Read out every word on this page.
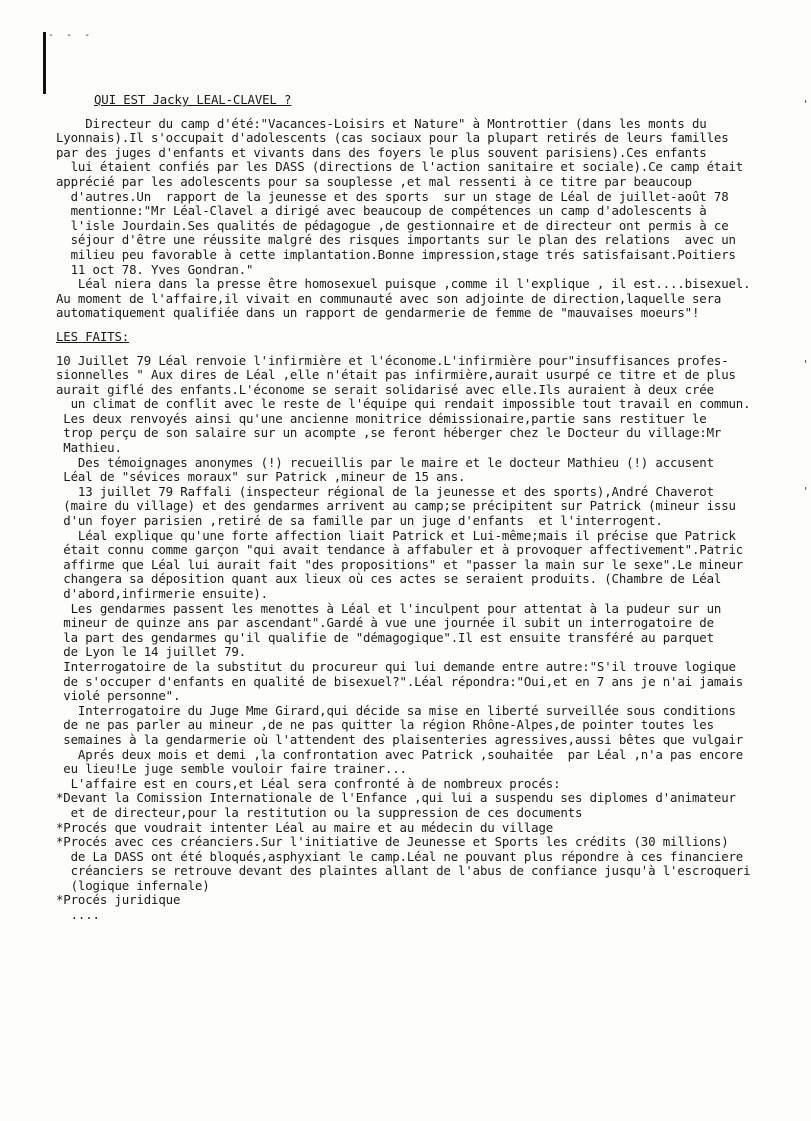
- - -
'
'
'
QUI EST Jacky LEAL-CLAVEL ?
Directeur du camp d'été:"Vacances-Loisirs et Nature" à Montrottier (dans les monts du
Lyonnais).Il s'occupait d'adolescents (cas sociaux pour la plupart retirés de leurs familles
par des juges d'enfants et vivants dans des foyers le plus souvent parisiens).Ces enfants
lui étaient confiés par les DASS (directions de l'action sanitaire et sociale).Ce camp était
apprécié par les adolescents pour sa souplesse ,et mal ressenti à ce titre par beaucoup
d'autres.Un  rapport de la jeunesse et des sports  sur un stage de Léal de juillet-août 78
mentionne:"Mr Léal-Clavel a dirigé avec beaucoup de compétences un camp d'adolescents à
l'isle Jourdain.Ses qualités de pédagogue ,de gestionnaire et de directeur ont permis à ce
séjour d'être une réussite malgré des risques importants sur le plan des relations  avec un
milieu peu favorable à cette implantation.Bonne impression,stage trés satisfaisant.Poitiers
11 oct 78. Yves Gondran."
Léal niera dans la presse être homosexuel puisque ,comme il l'explique , il est....bisexuel.
Au moment de l'affaire,il vivait en communauté avec son adjointe de direction,laquelle sera
automatiquement qualifiée dans un rapport de gendarmerie de femme de "mauvaises moeurs"!
LES FAITS:
10 Juillet 79 Léal renvoie l'infirmière et l'économe.L'infirmière pour"insuffisances profes-
sionnelles " Aux dires de Léal ,elle n'était pas infirmière,aurait usurpé ce titre et de plus
aurait giflé des enfants.L'économe se serait solidarisé avec elle.Ils auraient à deux crée
un climat de conflit avec le reste de l'équipe qui rendait impossible tout travail en commun.
Les deux renvoyés ainsi qu'une ancienne monitrice démissionaire,partie sans restituer le
trop perçu de son salaire sur un acompte ,se feront héberger chez le Docteur du village:Mr
Mathieu.
Des témoignages anonymes (!) recueillis par le maire et le docteur Mathieu (!) accusent
Léal de "sévices moraux" sur Patrick ,mineur de 15 ans.
13 juillet 79 Raffali (inspecteur régional de la jeunesse et des sports),André Chaverot
(maire du village) et des gendarmes arrivent au camp;se précipitent sur Patrick (mineur issu
d'un foyer parisien ,retiré de sa famille par un juge d'enfants  et l'interrogent.
Léal explique qu'une forte affection liait Patrick et Lui-même;mais il précise que Patrick
était connu comme garçon "qui avait tendance à affabuler et à provoquer affectivement".Patric
affirme que Léal lui aurait fait "des propositions" et "passer la main sur le sexe".Le mineur
changera sa déposition quant aux lieux où ces actes se seraient produits. (Chambre de Léal
d'abord,infirmerie ensuite).
Les gendarmes passent les menottes à Léal et l'inculpent pour attentat à la pudeur sur un
mineur de quinze ans par ascendant".Gardé à vue une journée il subit un interrogatoire de
la part des gendarmes qu'il qualifie de "démagogique".Il est ensuite transféré au parquet
de Lyon le 14 juillet 79.
Interrogatoire de la substitut du procureur qui lui demande entre autre:"S'il trouve logique
de s'occuper d'enfants en qualité de bisexuel?".Léal répondra:"Oui,et en 7 ans je n'ai jamais
violé personne".
Interrogatoire du Juge Mme Girard,qui décide sa mise en liberté surveillée sous conditions
de ne pas parler au mineur ,de ne pas quitter la région Rhône-Alpes,de pointer toutes les
semaines à la gendarmerie où l'attendent des plaisenteries agressives,aussi bêtes que vulgair
Aprés deux mois et demi ,la confrontation avec Patrick ,souhaitée  par Léal ,n'a pas encore
eu lieu!Le juge semble vouloir faire trainer...
L'affaire est en cours,et Léal sera confronté à de nombreux procés:
*Devant la Comission Internationale de l'Enfance ,qui lui a suspendu ses diplomes d'animateur
et de directeur,pour la restitution ou la suppression de ces documents
*Procés que voudrait intenter Léal au maire et au médecin du village
*Procés avec ces créanciers.Sur l'initiative de Jeunesse et Sports les crédits (30 millions)
de La DASS ont été bloqués,asphyxiant le camp.Léal ne pouvant plus répondre à ces financiere
créanciers se retrouve devant des plaintes allant de l'abus de confiance jusqu'à l'escroqueri
(logique infernale)
*Procés juridique
....
